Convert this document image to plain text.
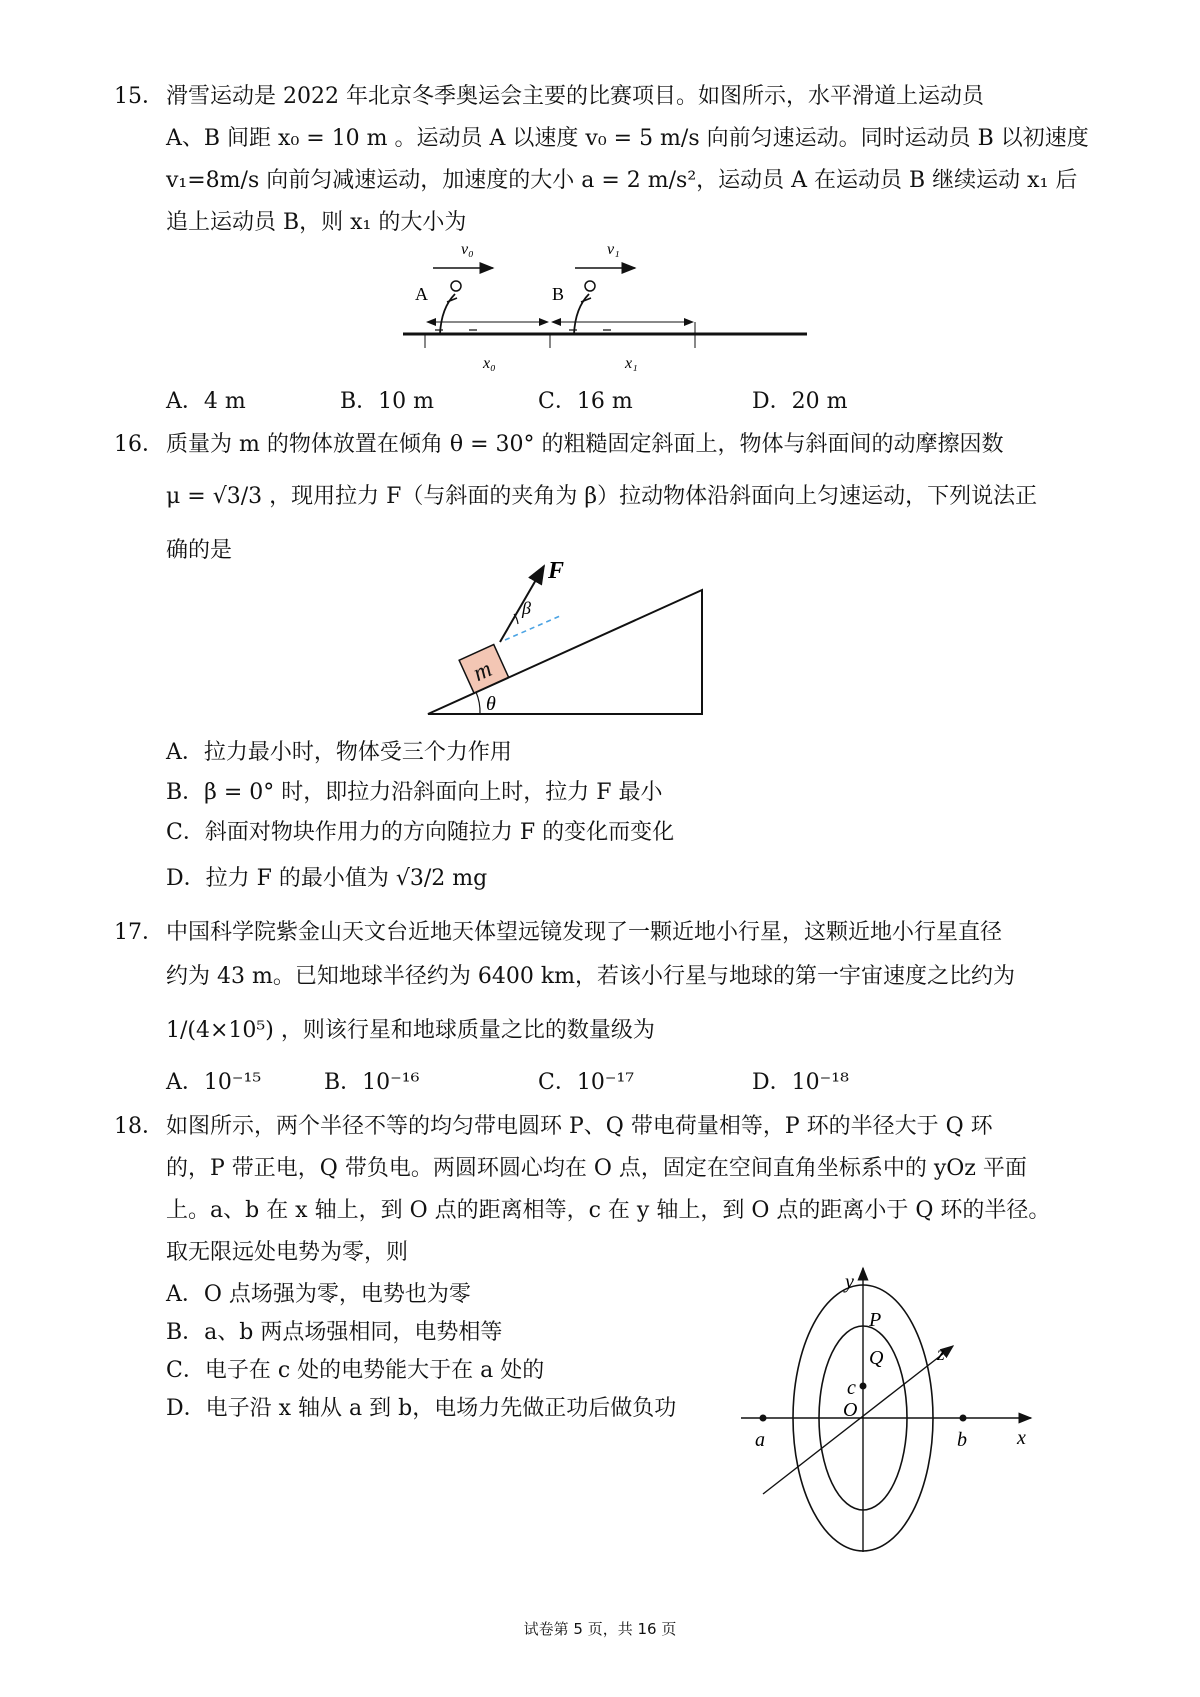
15． 滑雪运动是 2022 年北京冬季奥运会主要的比赛项目。如图所示，水平滑道上运动员
A、B 间距 x₀ = 10 m 。运动员 A 以速度 v₀ = 5 m/s 向前匀速运动。同时运动员 B 以初速度
v₁=8m/s 向前匀减速运动，加速度的大小 a = 2 m/s²，运动员 A 在运动员 B 继续运动 x₁ 后
追上运动员 B，则 x₁ 的大小为
v₀	v₁
A	B
x₀	x₁
A．4 m	B．10 m	C．16 m	D．20 m
16． 质量为 m 的物体放置在倾角 θ = 30° 的粗糙固定斜面上，物体与斜面间的动摩擦因数
μ = √3/3 ，现用拉力 F（与斜面的夹角为 β）拉动物体沿斜面向上匀速运动，下列说法正
确的是
θ
m
F
β
A．拉力最小时，物体受三个力作用
B．β = 0° 时，即拉力沿斜面向上时，拉力 F 最小
C．斜面对物块作用力的方向随拉力 F 的变化而变化
D．拉力 F 的最小值为 √3/2 mg
17． 中国科学院紫金山天文台近地天体望远镜发现了一颗近地小行星，这颗近地小行星直径
约为 43 m。已知地球半径约为 6400 km，若该小行星与地球的第一宇宙速度之比约为
1/(4×10⁵) ，则该行星和地球质量之比的数量级为
A．10⁻¹⁵	B．10⁻¹⁶	C．10⁻¹⁷	D．10⁻¹⁸
18． 如图所示，两个半径不等的均匀带电圆环 P、Q 带电荷量相等，P 环的半径大于 Q 环
的，P 带正电，Q 带负电。两圆环圆心均在 O 点，固定在空间直角坐标系中的 yOz 平面
上。a、b 在 x 轴上，到 O 点的距离相等，c 在 y 轴上，到 O 点的距离小于 Q 环的半径。
取无限远处电势为零，则
A．O 点场强为零，电势也为零
B．a、b 两点场强相同，电势相等
C．电子在 c 处的电势能大于在 a 处的
D．电子沿 x 轴从 a 到 b，电场力先做正功后做负功
y
x
z
P
Q
c
O
a	b
试卷第 5 页，共 16 页
